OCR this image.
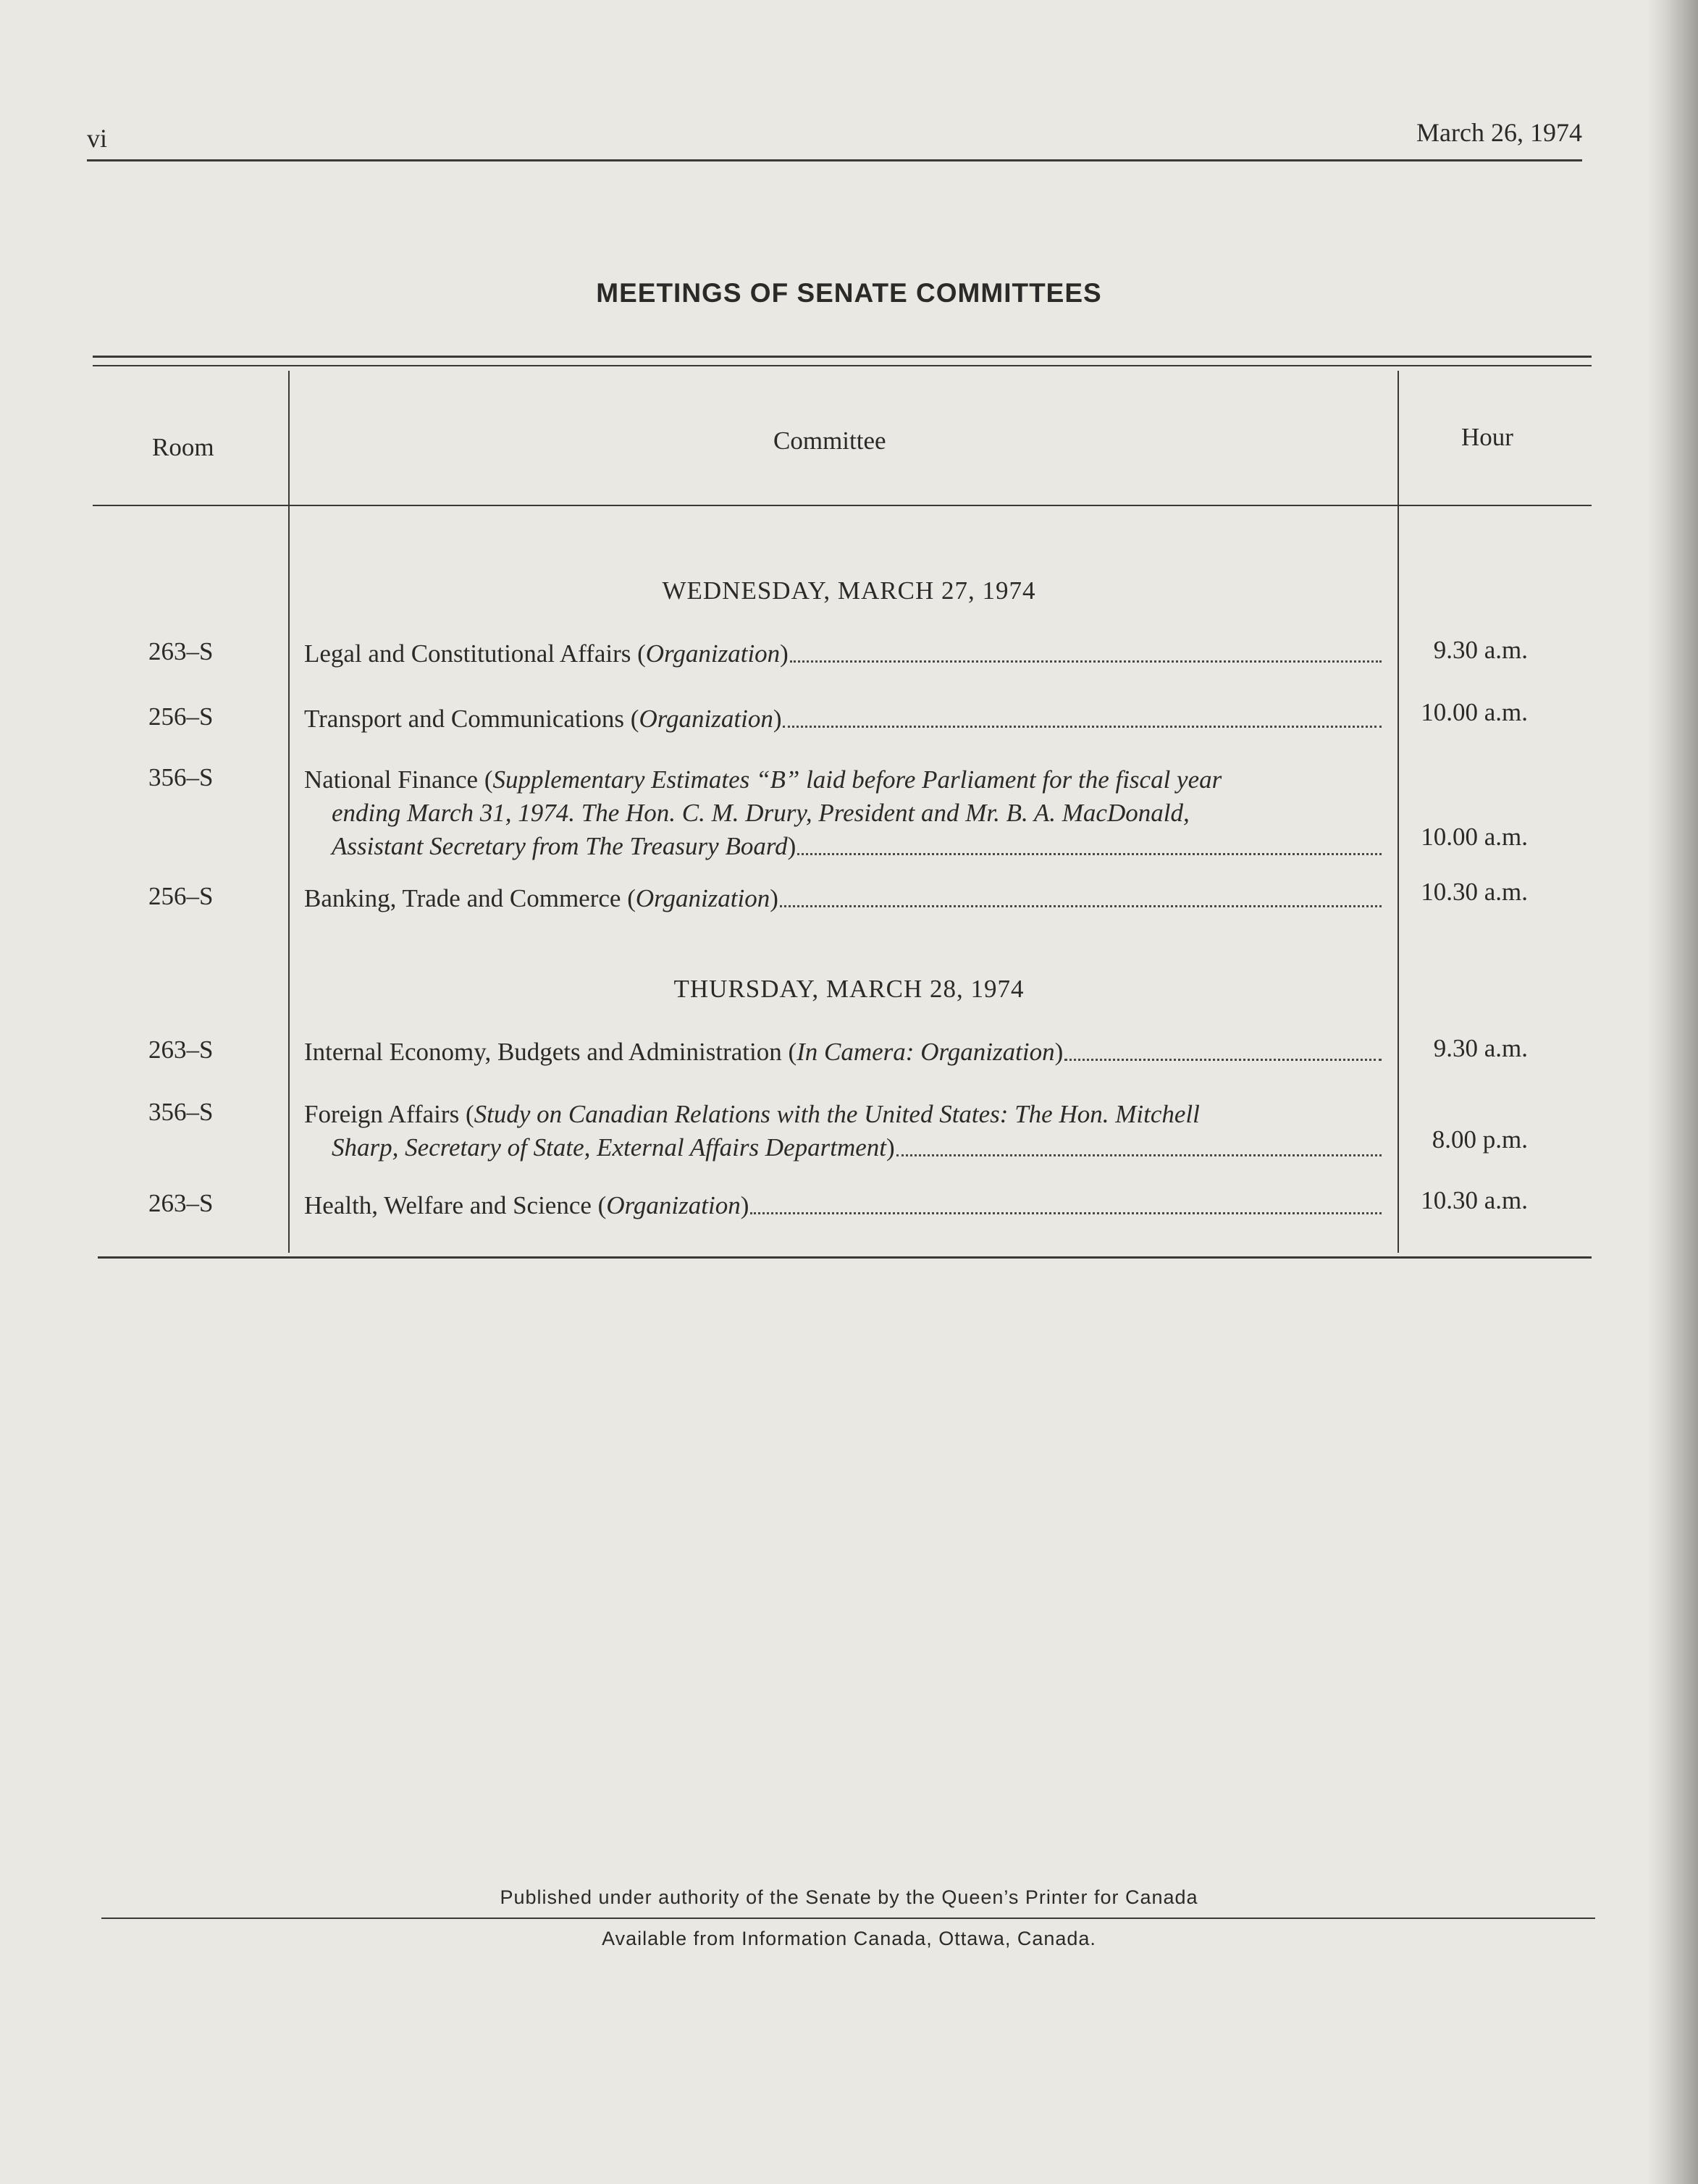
vi	March 26, 1974
MEETINGS OF SENATE COMMITTEES
Room	Committee	Hour
WEDNESDAY, MARCH 27, 1974
263–S	Legal and Constitutional Affairs ( Organization )	9.30 a.m.
256–S	Transport and Communications ( Organization )	10.00 a.m.
356–S	National Finance ( Supplementary Estimates “B” laid before Parliament for the fiscal year
ending March 31, 1974. The Hon. C. M. Drury, President and Mr. B. A. MacDonald,
Assistant Secretary from The Treasury Board )	10.00 a.m.
256–S	Banking, Trade and Commerce ( Organization )	10.30 a.m.
THURSDAY, MARCH 28, 1974
263–S	Internal Economy, Budgets and Administration ( In Camera: Organization )	9.30 a.m.
356–S	Foreign Affairs ( Study on Canadian Relations with the United States: The Hon. Mitchell
Sharp, Secretary of State, External Affairs Department )	8.00 p.m.
263–S	Health, Welfare and Science ( Organization )	10.30 a.m.
Published under authority of the Senate by the Queen’s Printer for Canada
Available from Information Canada, Ottawa, Canada.
